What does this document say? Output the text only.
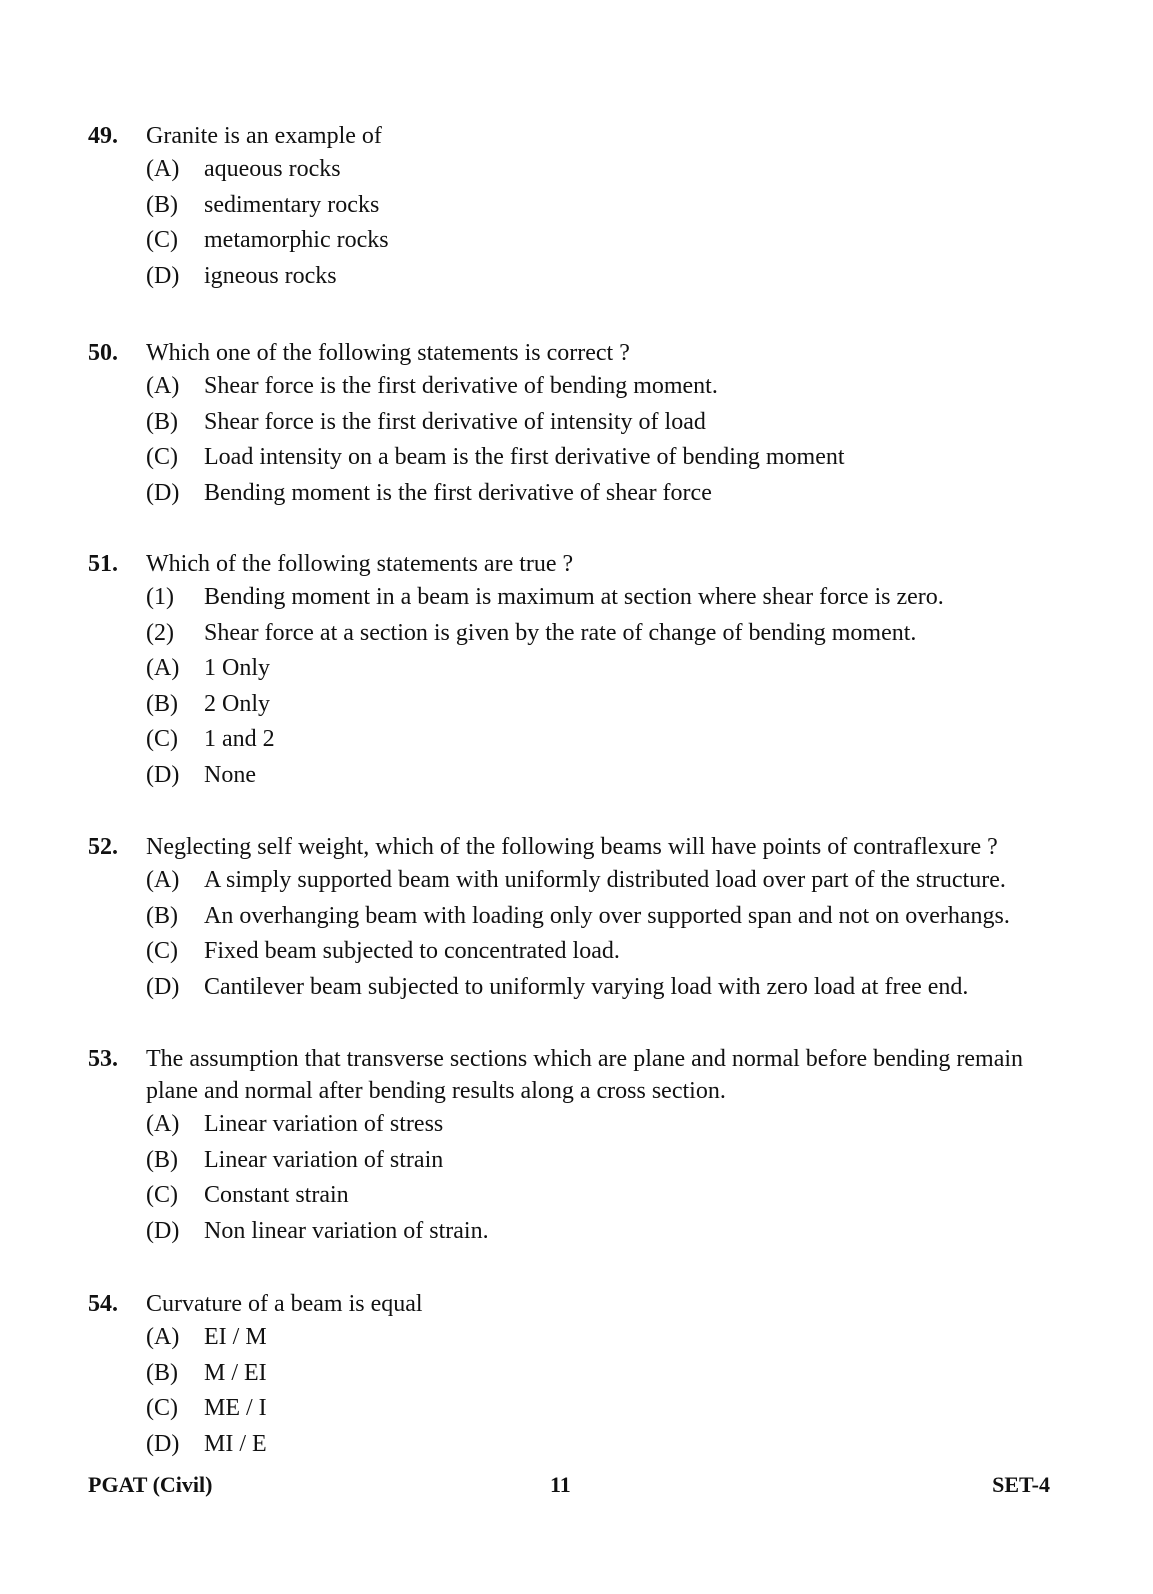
49.	Granite is an example of
(A)	aqueous rocks
(B)	sedimentary rocks
(C)	metamorphic rocks
(D)	igneous rocks
50.	Which one of the following statements is correct ?
(A)	Shear force is the first derivative of bending moment.
(B)	Shear force is the first derivative of intensity of load
(C)	Load intensity on a beam is the first derivative of bending moment
(D)	Bending moment is the first derivative of shear force
51.	Which of the following statements are true ?
(1)	Bending moment in a beam is maximum at section where shear force is zero.
(2)	Shear force at a section is given by the rate of change of bending moment.
(A)	1 Only
(B)	2 Only
(C)	1 and 2
(D)	None
52.	Neglecting self weight, which of the following beams will have points of contraflexure ?
(A)	A simply supported beam with uniformly distributed load over part of the structure.
(B)	An overhanging beam with loading only over supported span and not on overhangs.
(C)	Fixed beam subjected to concentrated load.
(D)	Cantilever beam subjected to uniformly varying load with zero load at free end.
53.	The assumption that transverse sections which are plane and normal before bending remain plane and normal after bending results along a cross section.
(A)	Linear variation of stress
(B)	Linear variation of strain
(C)	Constant strain
(D)	Non linear variation of strain.
54.	Curvature of a beam is equal
(A)	EI / M
(B)	M / EI
(C)	ME / I
(D)	MI / E
PGAT (Civil)	11	SET-4
